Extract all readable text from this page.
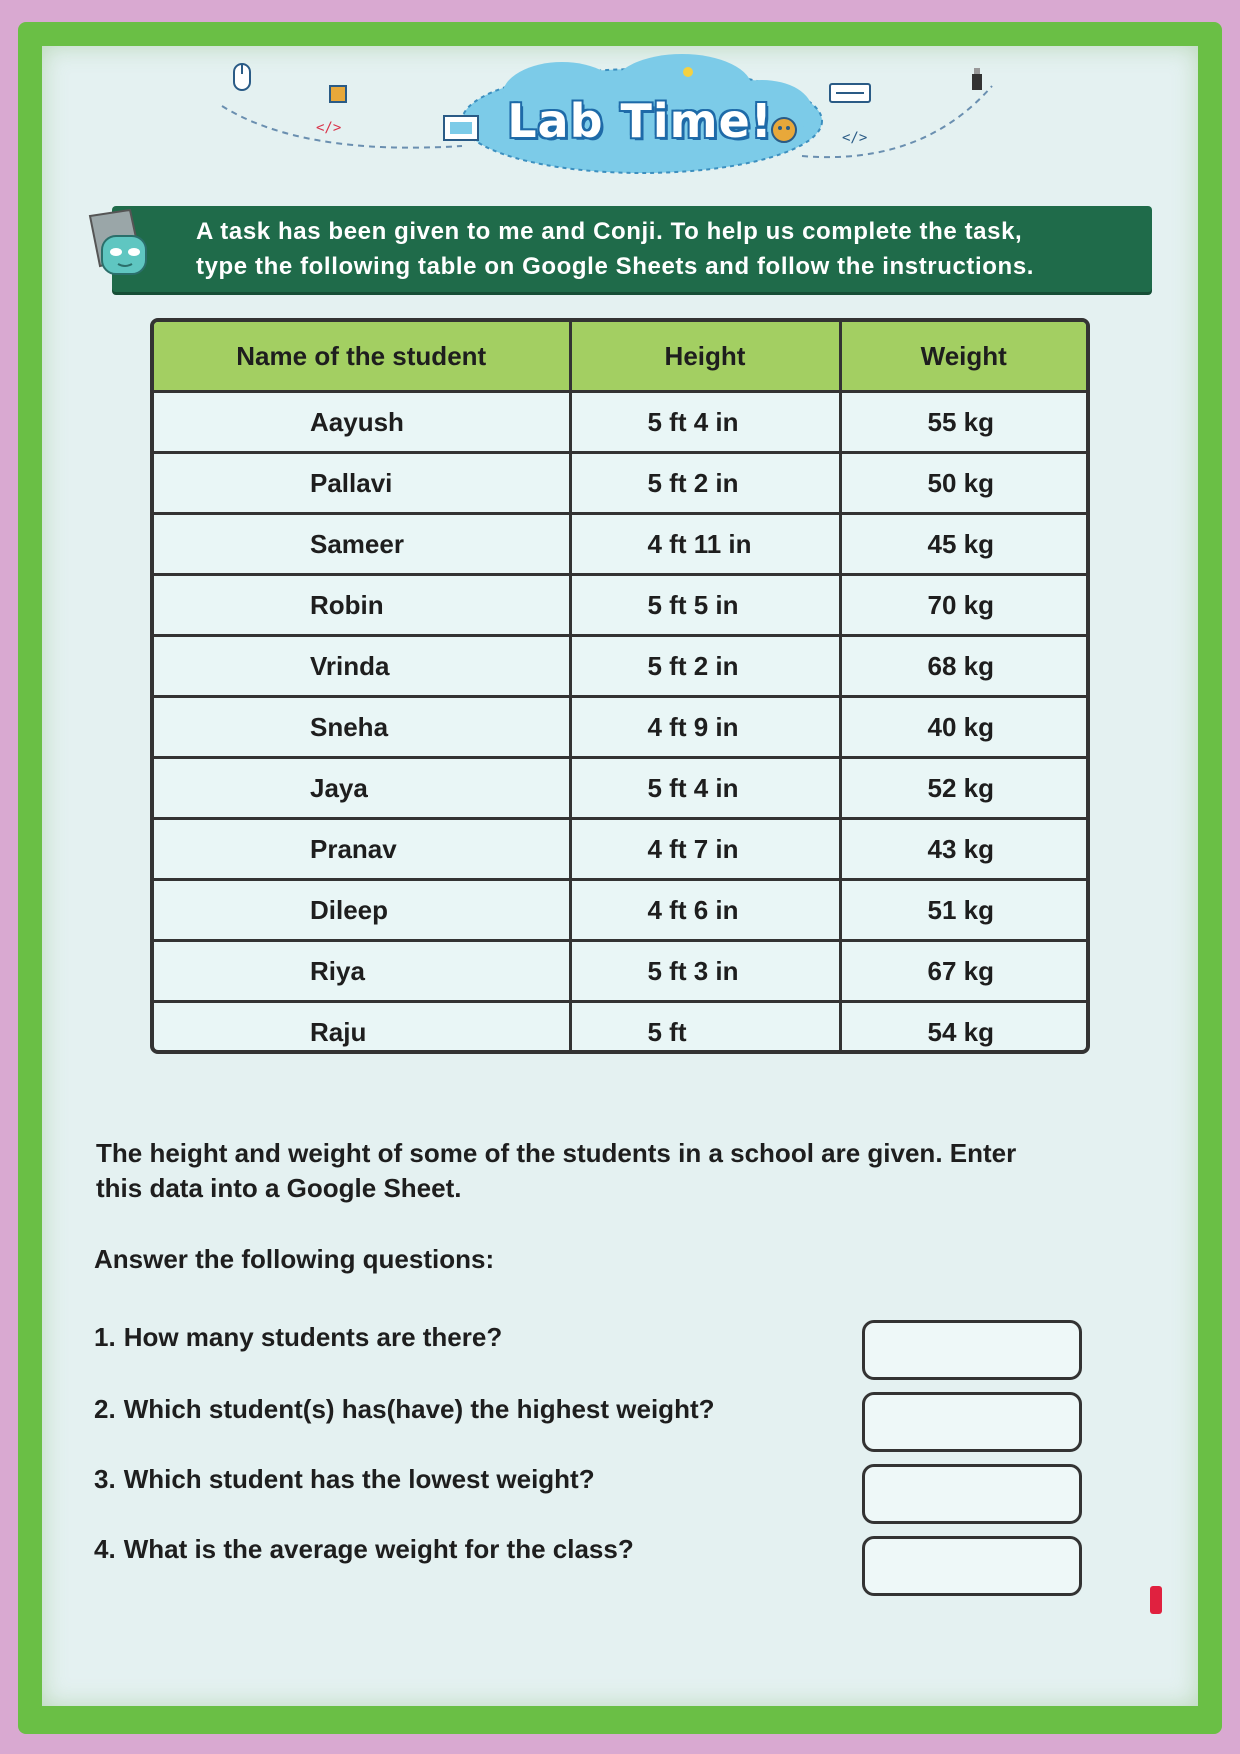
</>
</>
Lab Time!
A task has been given to me and Conji. To help us complete the task,
type the following table on Google Sheets and follow the instructions.
Name of the student	Height	Weight
Aayush	5 ft 4 in	55 kg
Pallavi	5 ft 2 in	50 kg
Sameer	4 ft 11 in	45 kg
Robin	5 ft 5 in	70 kg
Vrinda	5 ft 2 in	68 kg
Sneha	4 ft 9 in	40 kg
Jaya	5 ft 4 in	52 kg
Pranav	4 ft 7 in	43 kg
Dileep	4 ft 6 in	51 kg
Riya	5 ft 3 in	67 kg
Raju	5 ft	54 kg
The height and weight of some of the students in a school are given. Enter
this data into a Google Sheet.
Answer the following questions:
1. How many students are there?
2. Which student(s) has(have) the highest weight?
3. Which student has the lowest weight?
4. What is the average weight for the class?
